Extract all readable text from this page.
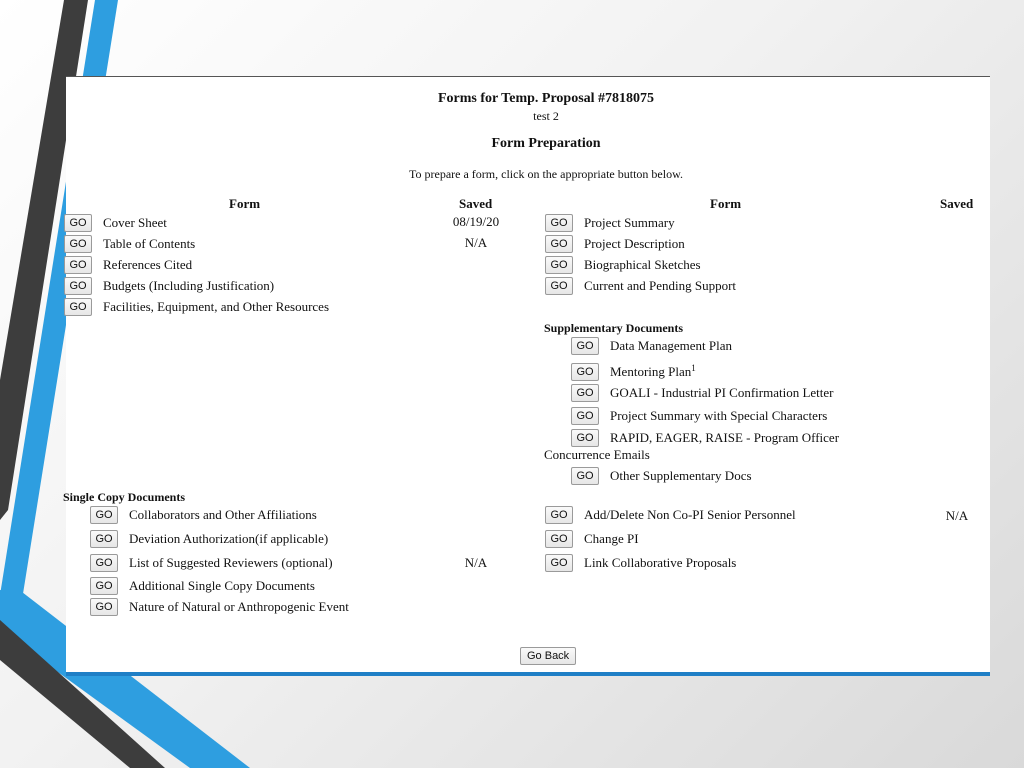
Forms for Temp. Proposal #7818075
test 2
Form Preparation
To prepare a form, click on the appropriate button below.
Form	Saved	Form	Saved
GO	Cover Sheet	08/19/20
GO	Table of Contents	N/A
GO	References Cited
GO	Budgets (Including Justification)
GO	Facilities, Equipment, and Other Resources
GO	Project Summary
GO	Project Description
GO	Biographical Sketches
GO	Current and Pending Support
Supplementary Documents
GO	Data Management Plan
GO	Mentoring Plan$^1$
GO	GOALI - Industrial PI Confirmation Letter
GO	Project Summary with Special Characters
GO	RAPID, EAGER, RAISE - Program Officer
Concurrence Emails
GO	Other Supplementary Docs
Single Copy Documents
GO	Collaborators and Other Affiliations
GO	Deviation Authorization(if applicable)
GO	List of Suggested Reviewers (optional)	N/A
GO	Additional Single Copy Documents
GO	Nature of Natural or Anthropogenic Event
GO	Add/Delete Non Co-PI Senior Personnel	N/A
GO	Change PI
GO	Link Collaborative Proposals
Go Back
